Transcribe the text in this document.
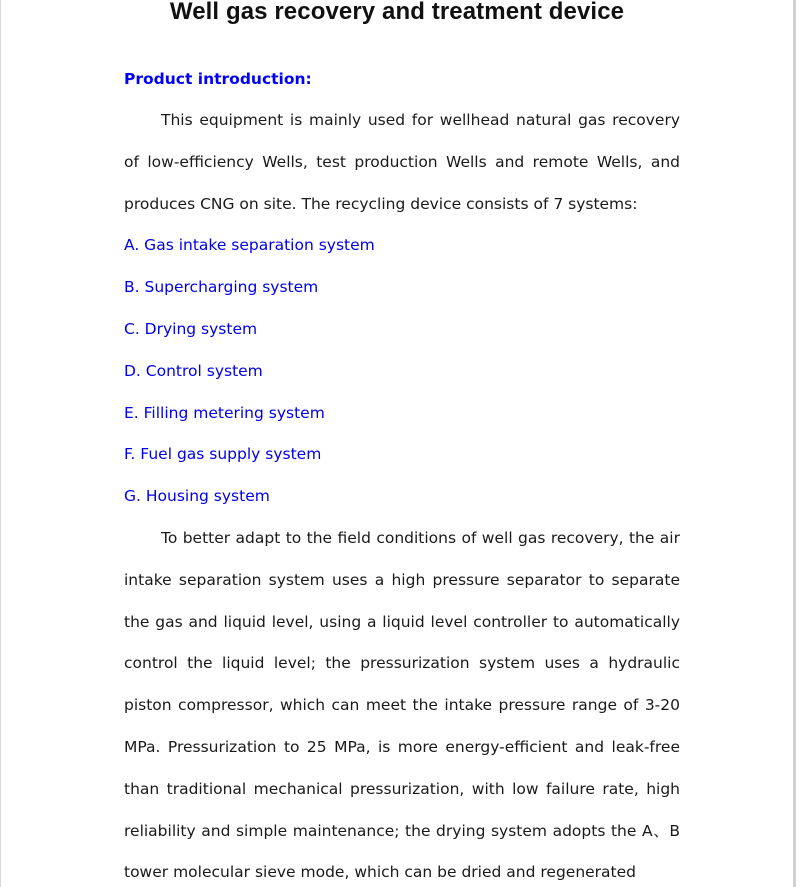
Well gas recovery and treatment device
Product introduction:

This equipment is mainly used for wellhead natural gas recovery of low-efficiency Wells, test production Wells and remote Wells, and produces CNG on site. The recycling device consists of 7 systems:

A. Gas intake separation system
B. Supercharging system
C. Drying system
D. Control system
E. Filling metering system
F. Fuel gas supply system
G. Housing system

To better adapt to the field conditions of well gas recovery, the air intake separation system uses a high pressure separator to separate the gas and liquid level, using a liquid level controller to automatically control the liquid level; the pressurization system uses a hydraulic piston compressor, which can meet the intake pressure range of 3-20 MPa. Pressurization to 25 MPa, is more energy-efficient and leak-free than traditional mechanical pressurization, with low failure rate, high reliability and simple maintenance; the drying system adopts the A、B tower molecular sieve mode, which can be dried and regenerated
